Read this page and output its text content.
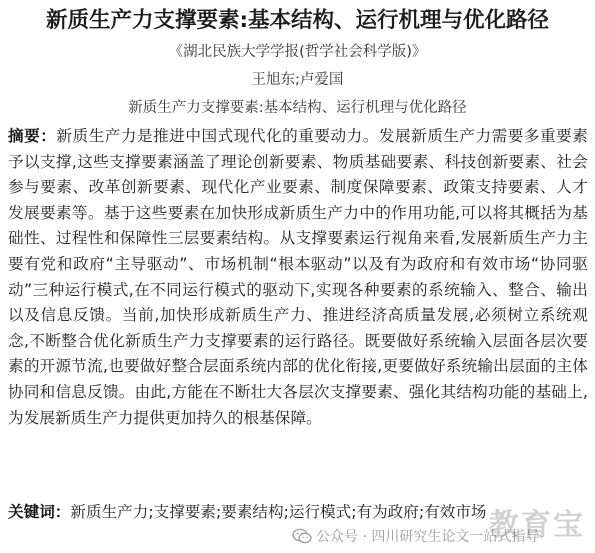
新质生产力支撑要素:基本结构、运行机理与优化路径
《湖北民族大学学报(哲学社会科学版)》
王旭东;卢爱国
新质生产力支撑要素:基本结构、运行机理与优化路径

摘要：新质生产力是推进中国式现代化的重要动力。发展新质生产力需要多重要素予以支撑,这些支撑要素涵盖了理论创新要素、物质基础要素、科技创新要素、社会参与要素、改革创新要素、现代化产业要素、制度保障要素、政策支持要素、人才发展要素等。基于这些要素在加快形成新质生产力中的作用功能,可以将其概括为基础性、过程性和保障性三层要素结构。从支撑要素运行视角来看,发展新质生产力主要有党和政府“主导驱动”、市场机制“根本驱动”以及有为政府和有效市场“协同驱动”三种运行模式,在不同运行模式的驱动下,实现各种要素的系统输入、整合、输出以及信息反馈。当前,加快形成新质生产力、推进经济高质量发展,必须树立系统观念,不断整合优化新质生产力支撑要素的运行路径。既要做好系统输入层面各层次要素的开源节流,也要做好整合层面系统内部的优化衔接,更要做好系统输出层面的主体协同和信息反馈。由此,方能在不断壮大各层次支撑要素、强化其结构功能的基础上,为发展新质生产力提供更加持久的根基保障。

关键词：新质生产力;支撑要素;要素结构;运行模式;有为政府;有效市场 教育宝
公众号 · 四川研究生论文一站式指导
